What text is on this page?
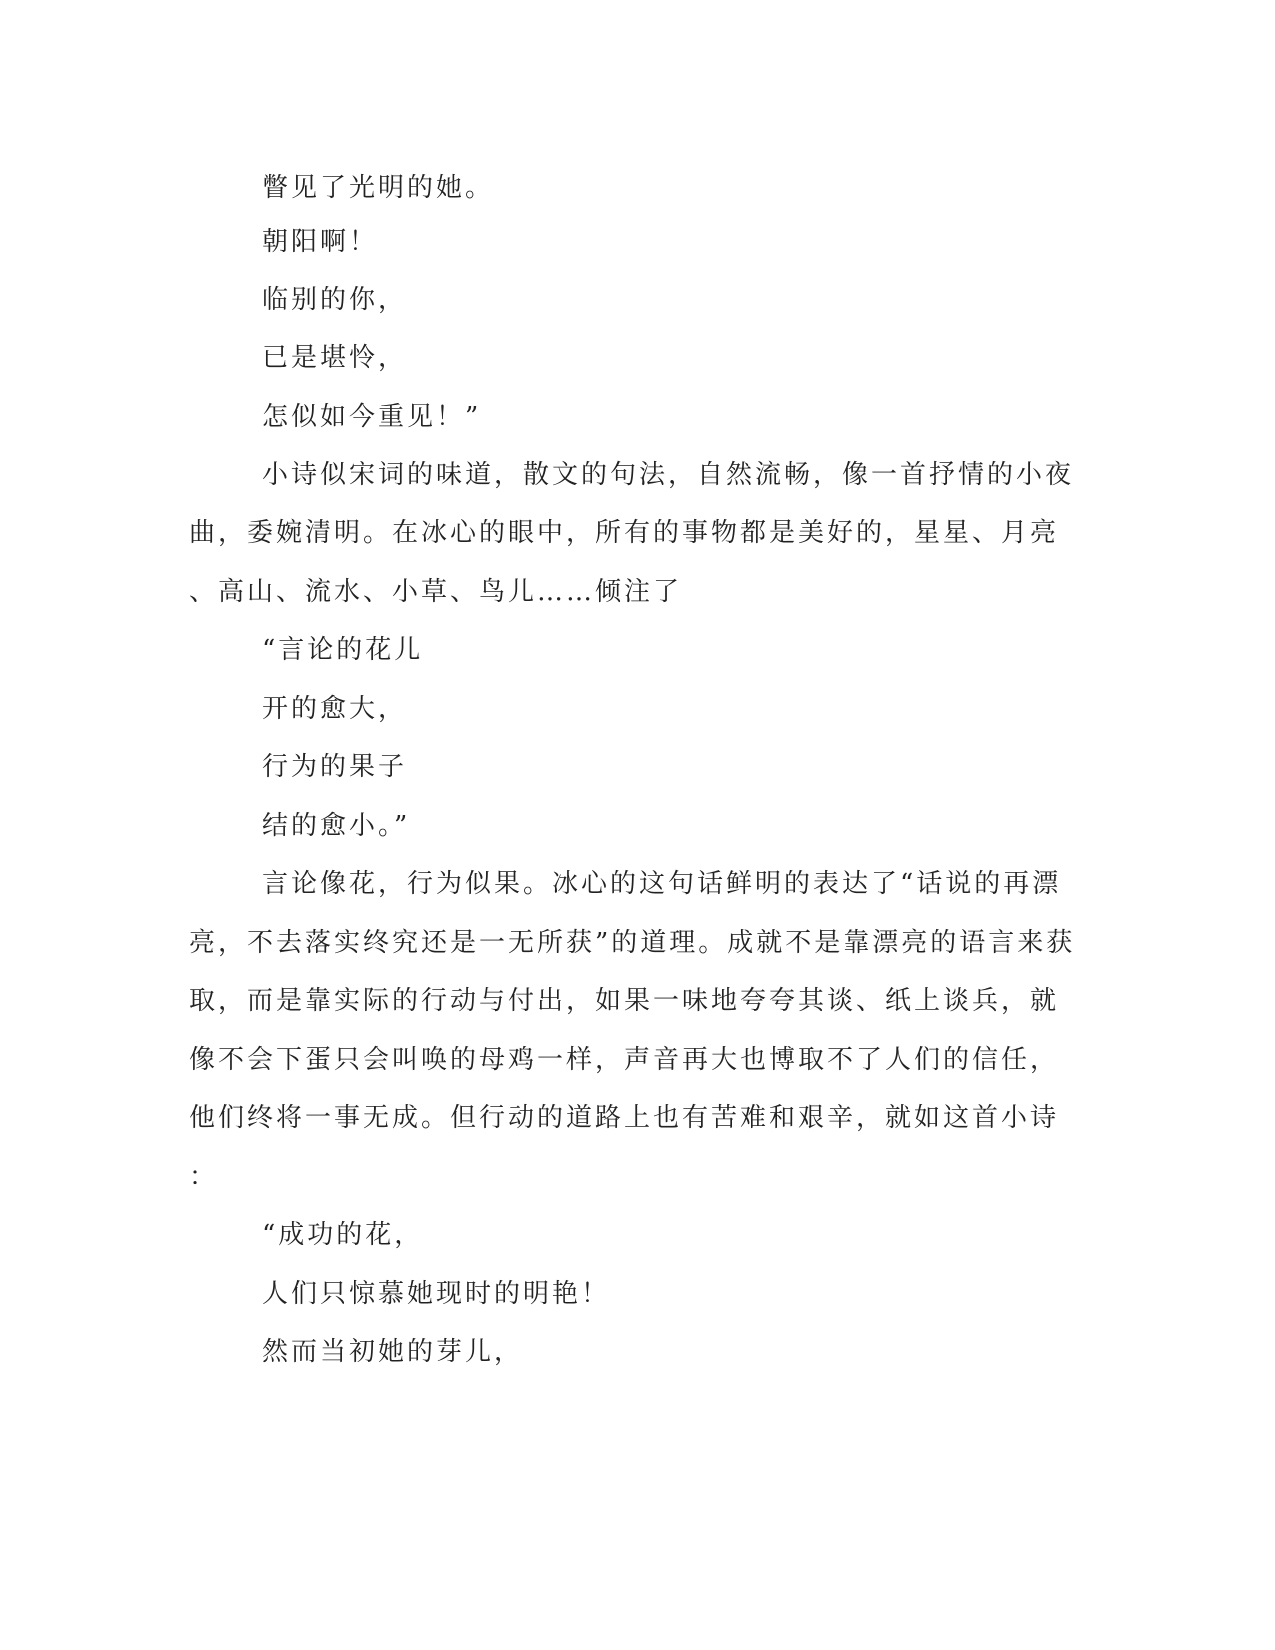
瞥见了光明的她。

朝阳啊！

临别的你，

已是堪怜，

怎似如今重见！”

小诗似宋词的味道，散文的句法，自然流畅，像一首抒情的小夜

曲，委婉清明。在冰心的眼中，所有的事物都是美好的，星星、月亮

、高山、流水、小草、鸟儿……倾注了

“言论的花儿

开的愈大，

行为的果子

结的愈小。”

言论像花，行为似果。冰心的这句话鲜明的表达了“话说的再漂

亮，不去落实终究还是一无所获”的道理。成就不是靠漂亮的语言来获

取，而是靠实际的行动与付出，如果一味地夸夸其谈、纸上谈兵，就

像不会下蛋只会叫唤的母鸡一样，声音再大也博取不了人们的信任，

他们终将一事无成。但行动的道路上也有苦难和艰辛，就如这首小诗

：

“成功的花，

人们只惊慕她现时的明艳！

然而当初她的芽儿，
